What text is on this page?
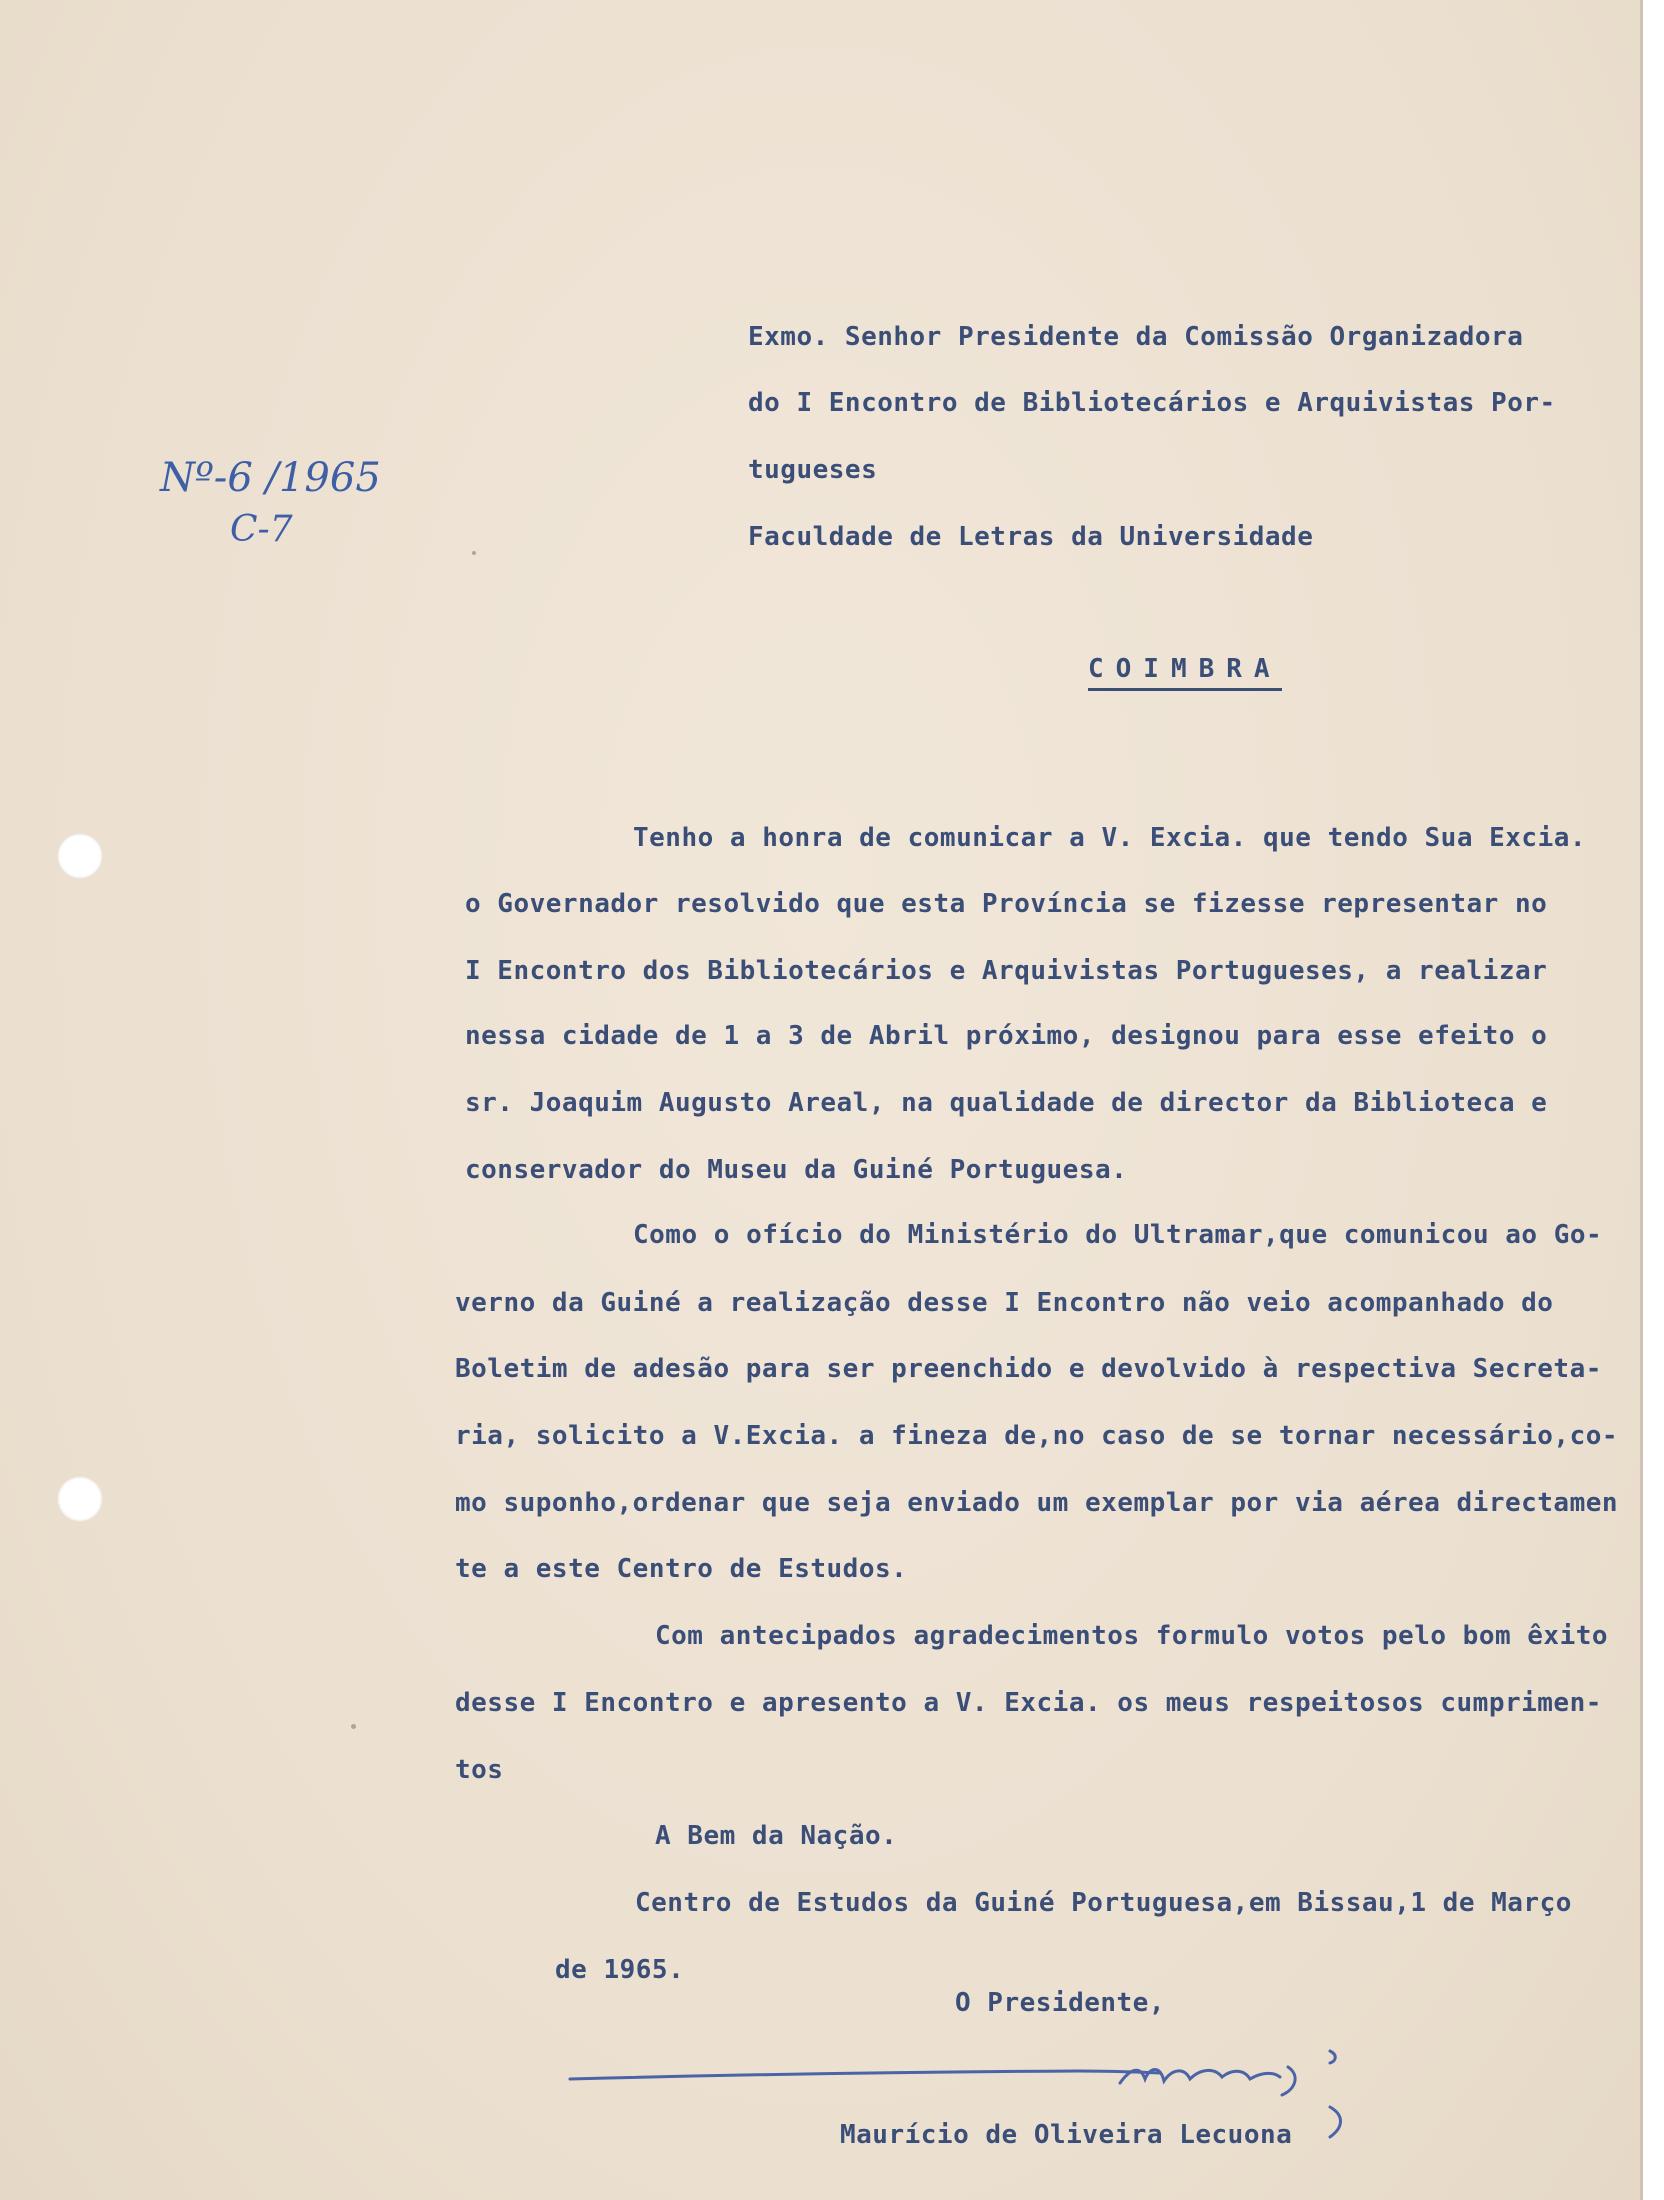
Nº-6 /1965

C-7

Exmo. Senhor Presidente da Comissão Organizadora

do I Encontro de Bibliotecários e Arquivistas Por-

tugueses

Faculdade de Letras da Universidade

COIMBRA

Tenho a honra de comunicar a V. Excia. que tendo Sua Excia.

o Governador resolvido que esta Província se fizesse representar no

I Encontro dos Bibliotecários e Arquivistas Portugueses, a realizar

nessa cidade de 1 a 3 de Abril próximo, designou para esse efeito o

sr. Joaquim Augusto Areal, na qualidade de director da Biblioteca e

conservador do Museu da Guiné Portuguesa.

Como o ofício do Ministério do Ultramar,que comunicou ao Go-

verno da Guiné a realização desse I Encontro não veio acompanhado do

Boletim de adesão para ser preenchido e devolvido à respectiva Secreta-

ria, solicito a V.Excia. a fineza de,no caso de se tornar necessário,co-

mo suponho,ordenar que seja enviado um exemplar por via aérea directamen

te a este Centro de Estudos.

Com antecipados agradecimentos formulo votos pelo bom êxito

desse I Encontro e apresento a V. Excia. os meus respeitosos cumprimen-

tos

A Bem da Nação.

Centro de Estudos da Guiné Portuguesa,em Bissau,1 de Março

de 1965.

O Presidente,

Maurício de Oliveira Lecuona
